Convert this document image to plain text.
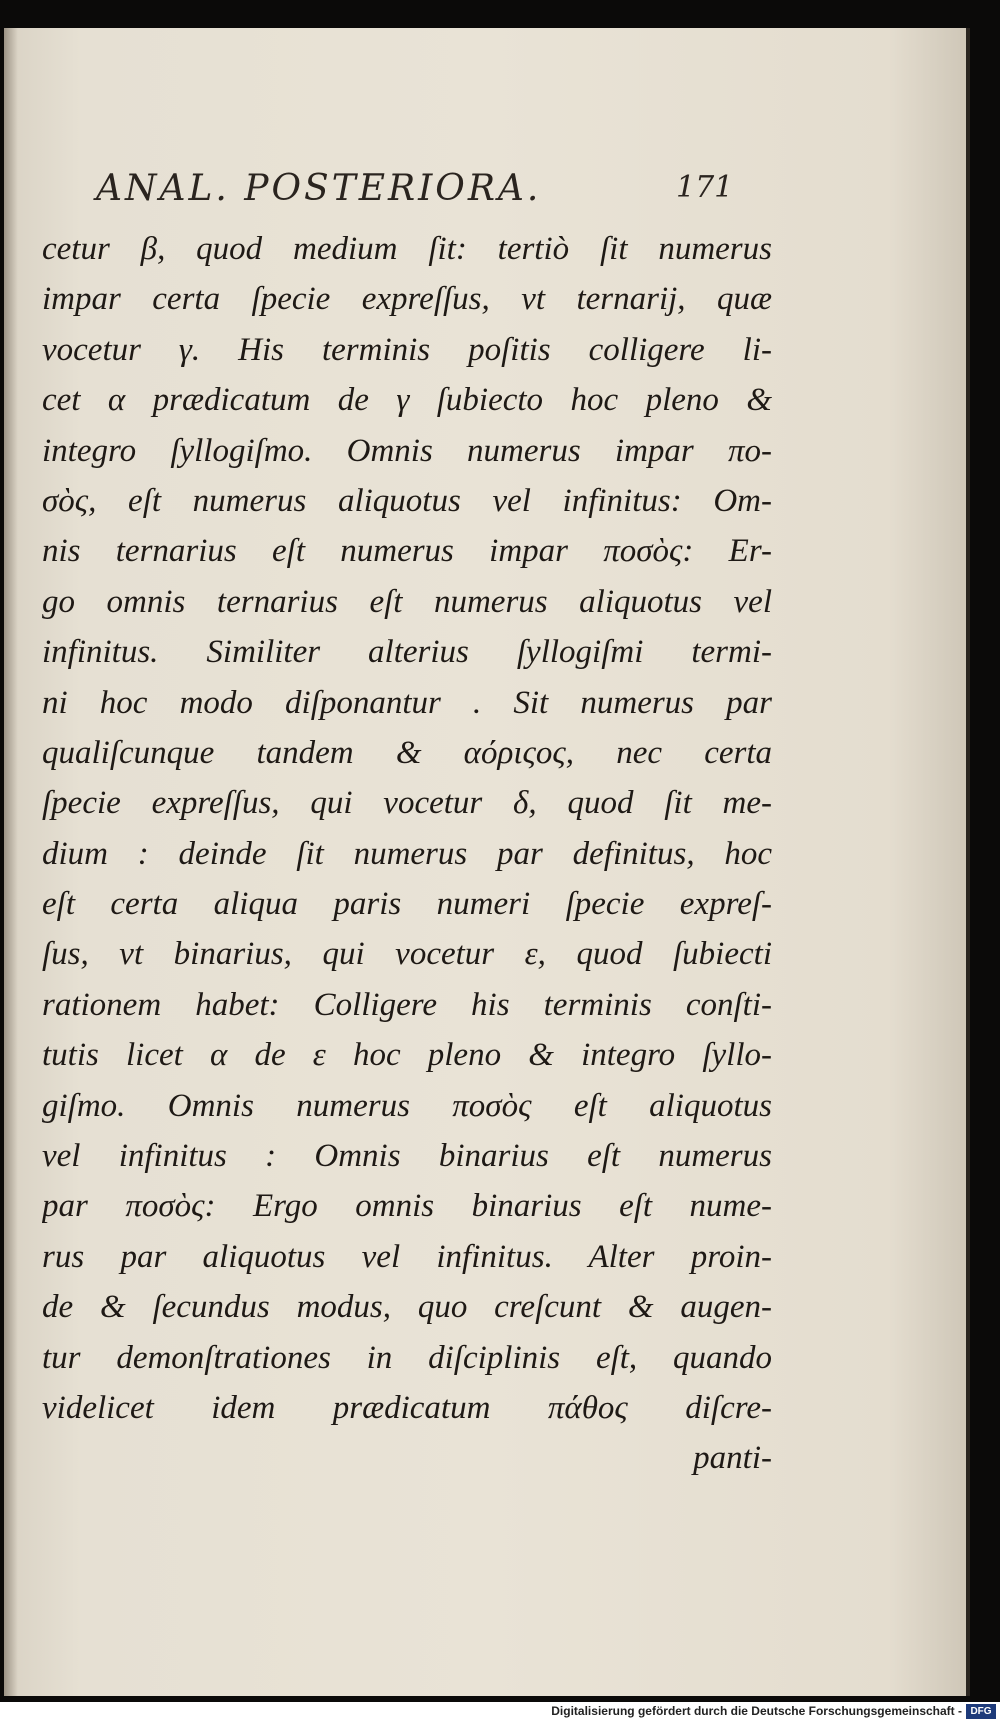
ANAL. POSTERIORA.	171
cetur β, quod medium ſit: tertiò ſit numerus
impar certa ſpecie expreſſus, vt ternarij, quæ
vocetur γ. His terminis poſitis colligere li-
cet α prædicatum de γ ſubiecto hoc pleno &
integro ſyllogiſmo. Omnis numerus impar πο-
σὸς, eſt numerus aliquotus vel infinitus: Om-
nis ternarius eſt numerus impar ποσὸς: Er-
go omnis ternarius eſt numerus aliquotus vel
infinitus. Similiter alterius ſyllogiſmi termi-
ni hoc modo diſponantur . Sit numerus par
qualiſcunque tandem & αόριςος, nec certa
ſpecie expreſſus, qui vocetur δ, quod ſit me-
dium : deinde ſit numerus par definitus, hoc
eſt certa aliqua paris numeri ſpecie expreſ-
ſus, vt binarius, qui vocetur ε, quod ſubiecti
rationem habet: Colligere his terminis conſti-
tutis licet α de ε hoc pleno & integro ſyllo-
giſmo. Omnis numerus ποσὸς eſt aliquotus
vel infinitus : Omnis binarius eſt numerus
par ποσὸς: Ergo omnis binarius eſt nume-
rus par aliquotus vel infinitus. Alter proin-
de & ſecundus modus, quo creſcunt & augen-
tur demonſtrationes in diſciplinis eſt, quando
videlicet idem prædicatum πάθος diſcre-
panti-
Digitalisierung gefördert durch die Deutsche Forschungsgemeinschaft - DFG
